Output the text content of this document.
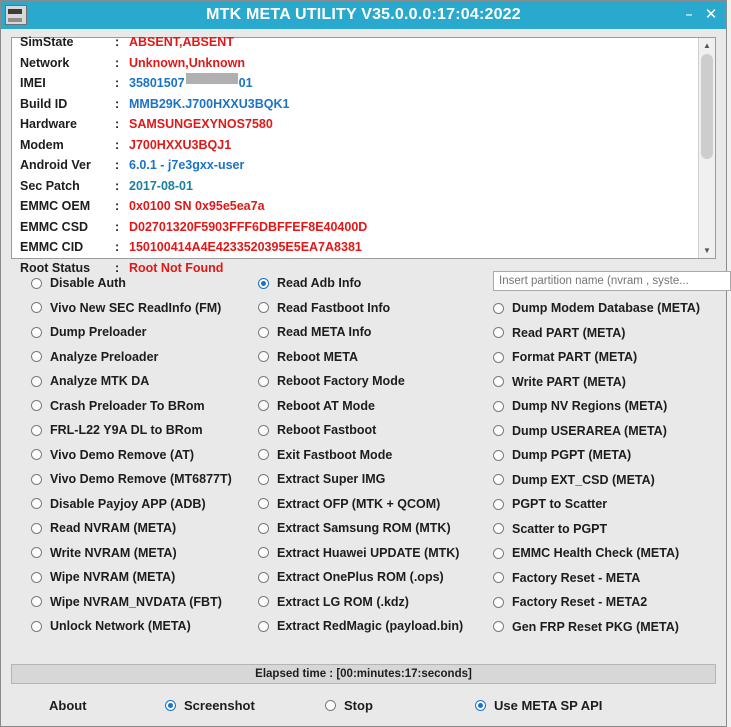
MTK META UTILITY V35.0.0.0:17:04:2022	– ✕
SimState	: ABSENT,ABSENT
Network	: Unknown,Unknown
IMEI	: 35801507	01
Build ID	: MMB29K.J700HXXU3BQK1
Hardware	: SAMSUNGEXYNOS7580
Modem	: J700HXXU3BQJ1
Android Ver	: 6.0.1 - j7e3gxx-user
Sec Patch	: 2017-08-01
EMMC OEM	: 0x0100 SN 0x95e5ea7a
EMMC CSD	: D02701320F5903FFF6DBFFEF8E40400D
EMMC CID	: 150100414A4E4233520395E5EA7A8381
Root Status	: Root Not Found
▲
▼
Disable Auth
Vivo New SEC ReadInfo (FM)
Dump Preloader
Analyze Preloader
Analyze MTK DA
Crash Preloader To BRom
FRL-L22 Y9A DL to BRom
Vivo Demo Remove (AT)
Vivo Demo Remove (MT6877T)
Disable Payjoy APP (ADB)
Read NVRAM (META)
Write NVRAM (META)
Wipe NVRAM (META)
Wipe NVRAM_NVDATA (FBT)
Unlock Network (META)
Read Adb Info
Read Fastboot Info
Read META Info
Reboot META
Reboot Factory Mode
Reboot AT Mode
Reboot Fastboot
Exit Fastboot Mode
Extract Super IMG
Extract OFP (MTK + QCOM)
Extract Samsung ROM (MTK)
Extract Huawei UPDATE (MTK)
Extract OnePlus ROM (.ops)
Extract LG ROM (.kdz)
Extract RedMagic (payload.bin)
Insert partition name (nvram , syste...
Dump Modem Database (META)
Read PART (META)
Format PART (META)
Write PART (META)
Dump NV Regions (META)
Dump USERAREA (META)
Dump PGPT (META)
Dump EXT_CSD (META)
PGPT to Scatter
Scatter to PGPT
EMMC Health Check (META)
Factory Reset - META
Factory Reset - META2
Gen FRP Reset PKG (META)
Elapsed time : [00:minutes:17:seconds]
About	Screenshot	Stop	Use META SP API
